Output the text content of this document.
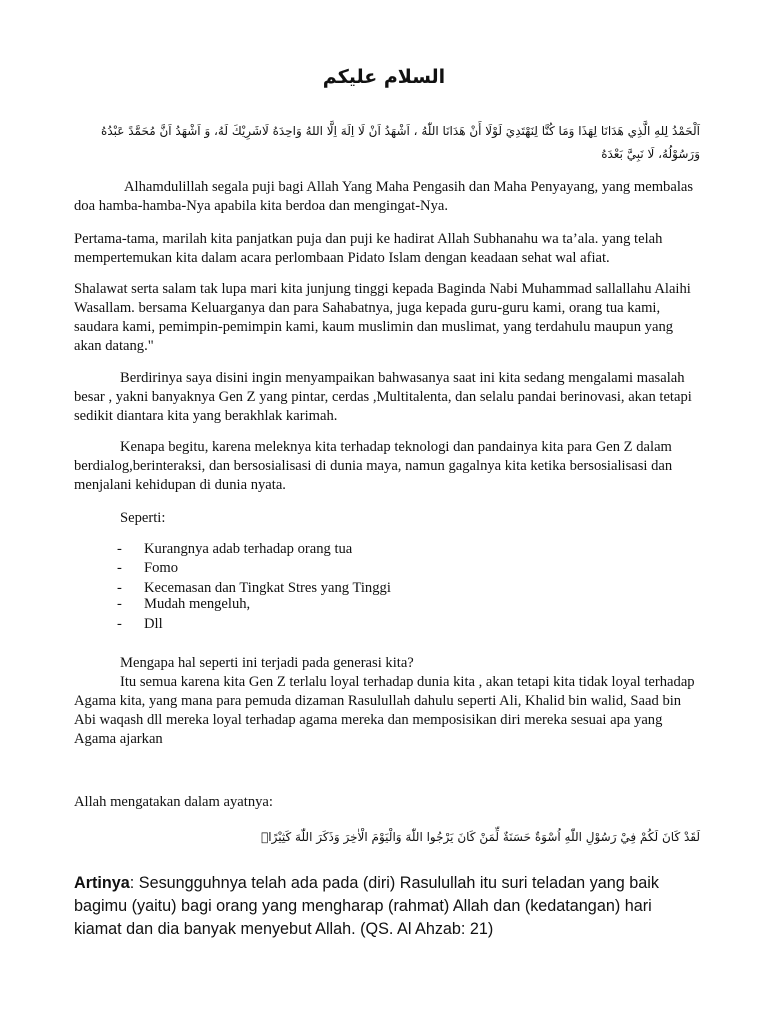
السلام عليكم
اَلْحَمْدُ لِلهِ الَّذِي هَدَانَا لِهَذَا وَمَا كُنَّا لِنَهْتَدِيَ لَوْلَا أَنْ هَدَانَا اللّٰهُ ، اَشْهَدُ اَنْ لَا اِلَهَ اِلَّا اللهُ وَاحِدَهُ لَاشَرِيْكَ لَهُ، وَ اَشْهَدُ اَنَّ مُحَمَّدً عَبْدُهُ وَرَسُوْلُهُ، لَا نَبِيَّ بَعْدَهُ

Alhamdulillah segala puji bagi Allah Yang Maha Pengasih dan Maha Penyayang, yang membalas doa hamba-hamba-Nya apabila kita berdoa dan mengingat-Nya.

Pertama-tama, marilah kita panjatkan puja dan puji ke hadirat Allah Subhanahu wa ta’ala. yang telah mempertemukan kita dalam acara perlombaan Pidato Islam dengan keadaan sehat wal afiat.

Shalawat serta salam tak lupa mari kita junjung tinggi kepada Baginda Nabi Muhammad sallallahu Alaihi Wasallam. bersama Keluarganya dan para Sahabatnya, juga kepada guru-guru kami, orang tua kami, saudara kami, pemimpin-pemimpin kami, kaum muslimin dan muslimat, yang terdahulu maupun yang akan datang."

Berdirinya saya disini ingin menyampaikan bahwasanya saat ini kita sedang mengalami masalah besar , yakni banyaknya Gen Z yang pintar, cerdas ,Multitalenta, dan selalu pandai berinovasi, akan tetapi sedikit diantara kita yang berakhlak karimah.

Kenapa begitu, karena meleknya kita terhadap teknologi dan pandainya kita para Gen Z dalam berdialog,berinteraksi, dan bersosialisasi di dunia maya, namun gagalnya kita ketika bersosialisasi dan menjalani kehidupan di dunia nyata.

Seperti:
- Kurangnya adab terhadap orang tua
- Fomo
- Kecemasan dan Tingkat Stres yang Tinggi
- Mudah mengeluh,
- Dll
Mengapa hal seperti ini terjadi pada generasi kita?

Itu semua karena kita Gen Z terlalu loyal terhadap dunia kita , akan tetapi kita tidak loyal terhadap Agama kita, yang mana para pemuda dizaman Rasulullah dahulu seperti Ali, Khalid bin walid, Saad bin Abi waqash dll mereka loyal terhadap agama mereka dan memposisikan diri mereka sesuai apa yang Agama ajarkan

Allah mengatakan dalam ayatnya:
لَقَدْ كَانَ لَكُمْ فِيْ رَسُوْلِ اللّٰهِ اُسْوَةٌ حَسَنَةٌ لِّمَنْ كَانَ يَرْجُوا اللّٰهَ وَالْيَوْمَ الْاٰخِرَ وَذَكَرَ اللّٰهَ كَثِيْرًاۗ

Artinya: Sesungguhnya telah ada pada (diri) Rasulullah itu suri teladan yang baik bagimu (yaitu) bagi orang yang mengharap (rahmat) Allah dan (kedatangan) hari kiamat dan dia banyak menyebut Allah. (QS. Al Ahzab: 21)
